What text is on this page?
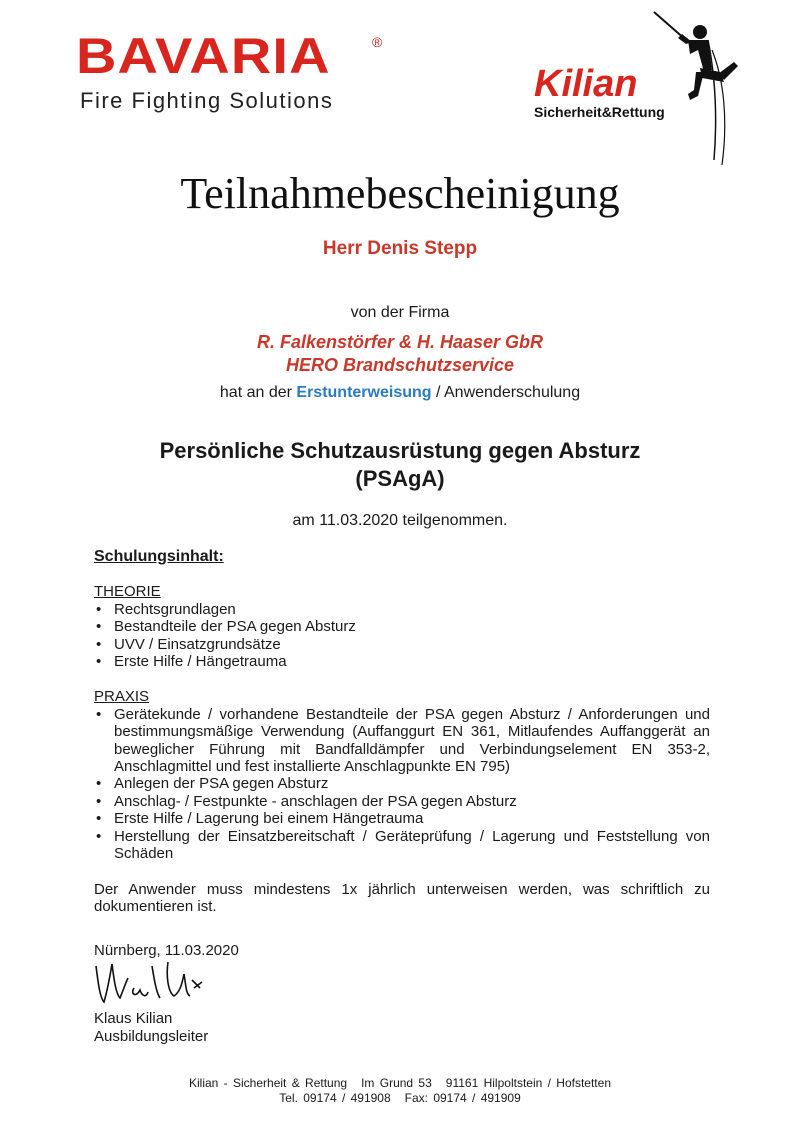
BAVARIA	®
Fire Fighting Solutions	Kilian
Sicherheit&Rettung
Teilnahmebescheinigung
Herr Denis Stepp
von der Firma
R. Falkenstörfer & H. Haaser GbR
HERO Brandschutzservice
hat an der Erstunterweisung / Anwenderschulung
Persönliche Schutzausrüstung gegen Absturz
(PSAgA)
am 11.03.2020 teilgenommen.
Schulungsinhalt:
THEORIE
• Rechtsgrundlagen
• Bestandteile der PSA gegen Absturz
• UVV / Einsatzgrundsätze
• Erste Hilfe / Hängetrauma
PRAXIS
• Gerätekunde / vorhandene Bestandteile der PSA gegen Absturz / Anforderungen und bestimmungsmäßige Verwendung (Auffanggurt EN 361, Mitlaufendes Auffanggerät an beweglicher Führung mit Bandfalldämpfer und Verbindungselement EN 353-2, Anschlagmittel und fest installierte Anschlagpunkte EN 795)
• Anlegen der PSA gegen Absturz
• Anschlag- / Festpunkte - anschlagen der PSA gegen Absturz
• Erste Hilfe / Lagerung bei einem Hängetrauma
• Herstellung der Einsatzbereitschaft / Geräteprüfung / Lagerung und Feststellung von Schäden
Der Anwender muss mindestens 1x jährlich unterweisen werden, was schriftlich zu dokumentieren ist.
Nürnberg, 11.03.2020
Klaus Kilian
Ausbildungsleiter
Kilian - Sicherheit & Rettung Im Grund 53 91161 Hilpoltstein / Hofstetten
Tel. 09174 / 491908 Fax: 09174 / 491909
